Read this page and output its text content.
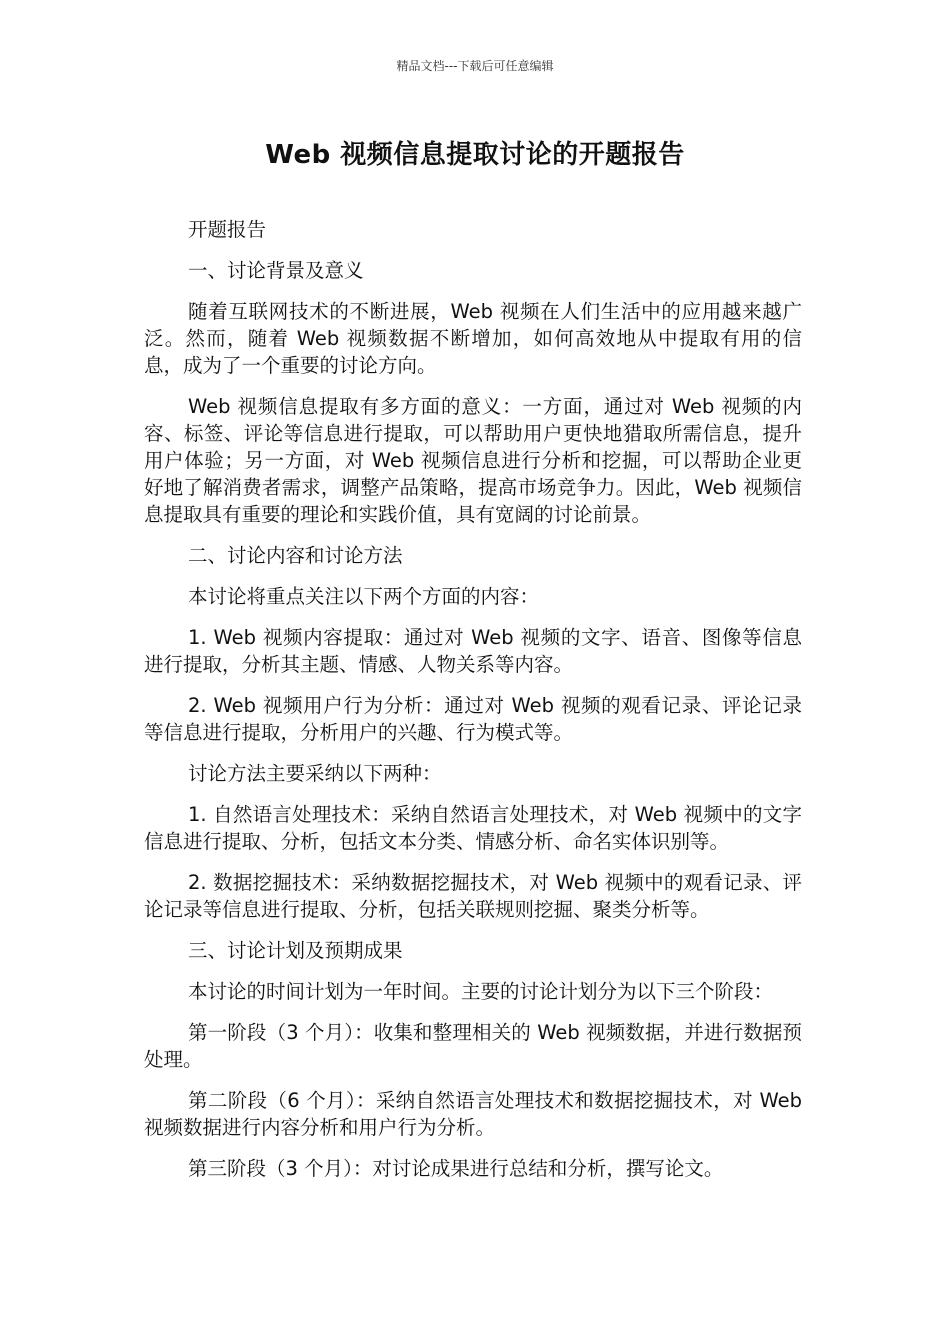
精品文档---下载后可任意编辑
Web 视频信息提取讨论的开题报告

开题报告

一、讨论背景及意义

随着互联网技术的不断进展，Web 视频在人们生活中的应用越来越广泛。然而，随着 Web 视频数据不断增加，如何高效地从中提取有用的信息，成为了一个重要的讨论方向。

Web 视频信息提取有多方面的意义：一方面，通过对 Web 视频的内容、标签、评论等信息进行提取，可以帮助用户更快地猎取所需信息，提升用户体验；另一方面，对 Web 视频信息进行分析和挖掘，可以帮助企业更好地了解消费者需求，调整产品策略，提高市场竞争力。因此，Web 视频信息提取具有重要的理论和实践价值，具有宽阔的讨论前景。

二、讨论内容和讨论方法

本讨论将重点关注以下两个方面的内容：

1. Web 视频内容提取：通过对 Web 视频的文字、语音、图像等信息进行提取，分析其主题、情感、人物关系等内容。

2. Web 视频用户行为分析：通过对 Web 视频的观看记录、评论记录等信息进行提取，分析用户的兴趣、行为模式等。

讨论方法主要采纳以下两种：

1. 自然语言处理技术：采纳自然语言处理技术，对 Web 视频中的文字信息进行提取、分析，包括文本分类、情感分析、命名实体识别等。

2. 数据挖掘技术：采纳数据挖掘技术，对 Web 视频中的观看记录、评论记录等信息进行提取、分析，包括关联规则挖掘、聚类分析等。

三、讨论计划及预期成果

本讨论的时间计划为一年时间。主要的讨论计划分为以下三个阶段：

第一阶段（3 个月）：收集和整理相关的 Web 视频数据，并进行数据预处理。

第二阶段（6 个月）：采纳自然语言处理技术和数据挖掘技术，对 Web 视频数据进行内容分析和用户行为分析。

第三阶段（3 个月）：对讨论成果进行总结和分析，撰写论文。
